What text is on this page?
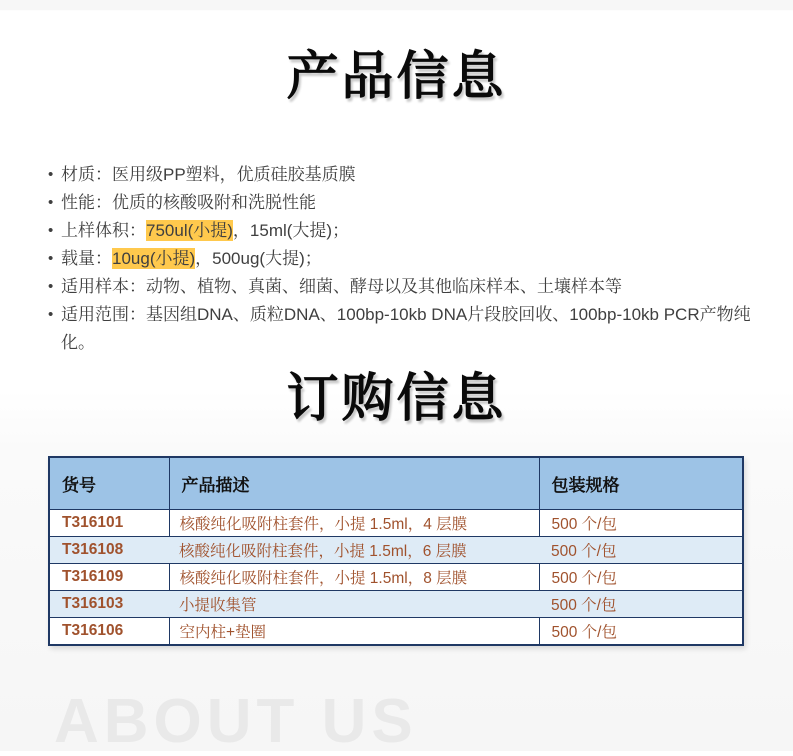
产品信息
• 材质：医用级PP塑料，优质硅胶基质膜
• 性能：优质的核酸吸附和洗脱性能
• 上样体积：750ul(小提)，15ml(大提)；
• 载量：10ug(小提)，500ug(大提)；
• 适用样本：动物、植物、真菌、细菌、酵母以及其他临床样本、土壤样本等
• 适用范围：基因组DNA、质粒DNA、100bp-10kb DNA片段胶回收、100bp-10kb PCR产物纯化。
订购信息
货号	产品描述	包装规格
T316101	核酸纯化吸附柱套件，小提 1.5ml，4 层膜	500 个/包
T316108	核酸纯化吸附柱套件，小提 1.5ml，6 层膜	500 个/包
T316109	核酸纯化吸附柱套件，小提 1.5ml，8 层膜	500 个/包
T316103	小提收集管	500 个/包
T316106	空内柱+垫圈	500 个/包
ABOUT US
